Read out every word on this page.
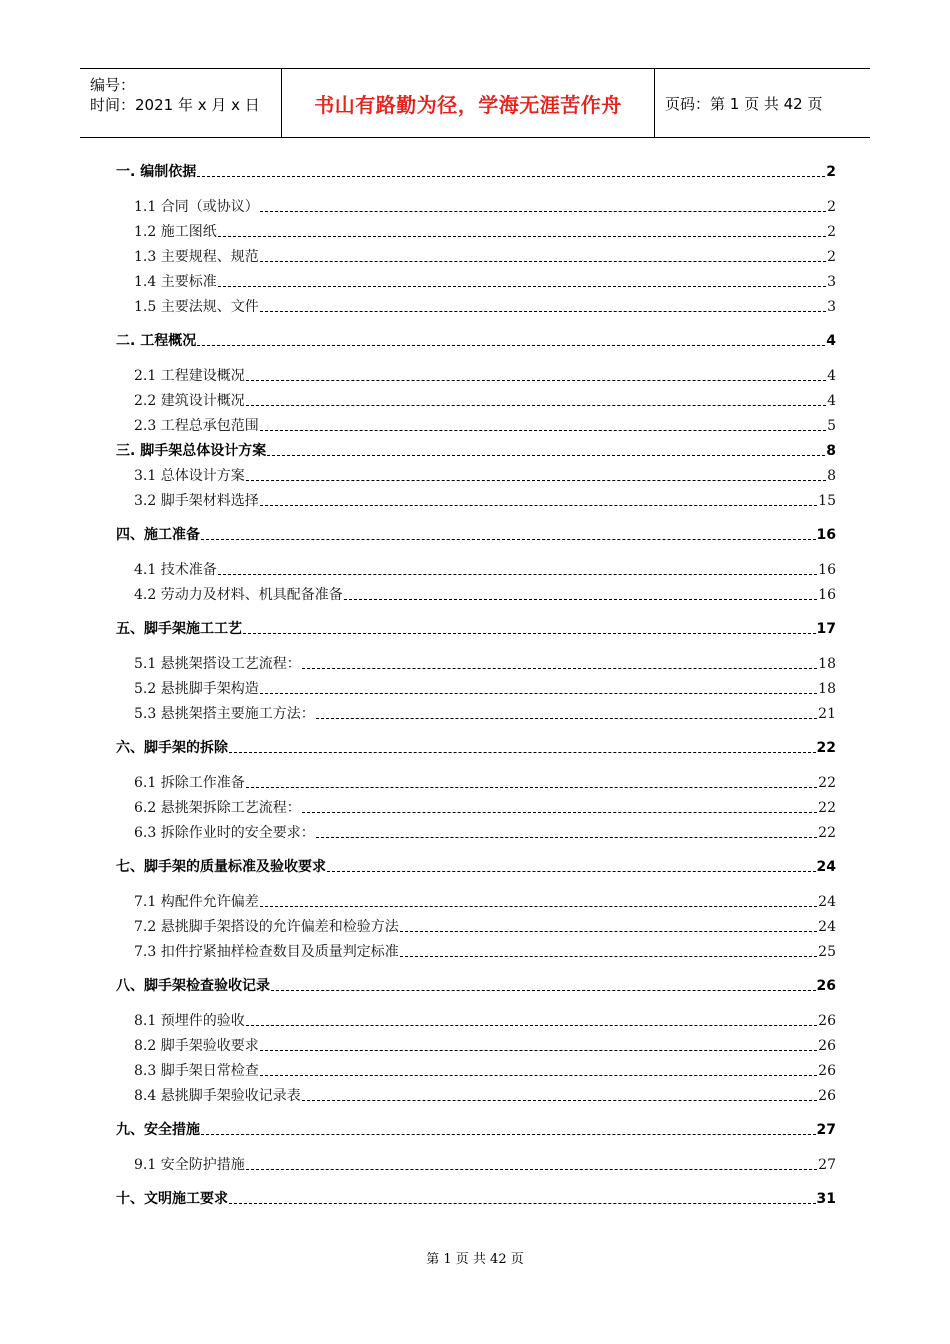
编号：
时间：2021 年 x 月 x 日	书山有路勤为径，学海无涯苦作舟	页码：第 1 页 共 42 页
一. 编制依据	2
1.1 合同（或协议）	2
1.2 施工图纸	2
1.3 主要规程、规范	2
1.4 主要标准	3
1.5 主要法规、文件	3
二. 工程概况	4
2.1 工程建设概况	4
2.2 建筑设计概况	4
2.3 工程总承包范围	5
三. 脚手架总体设计方案	8
3.1 总体设计方案	8
3.2 脚手架材料选择	15
四、施工准备	16
4.1 技术准备	16
4.2 劳动力及材料、机具配备准备	16
五、脚手架施工工艺	17
5.1 悬挑架搭设工艺流程：	18
5.2 悬挑脚手架构造	18
5.3 悬挑架搭主要施工方法：	21
六、脚手架的拆除	22
6.1 拆除工作准备	22
6.2 悬挑架拆除工艺流程：	22
6.3 拆除作业时的安全要求：	22
七、脚手架的质量标准及验收要求	24
7.1 构配件允许偏差	24
7.2 悬挑脚手架搭设的允许偏差和检验方法	24
7.3 扣件拧紧抽样检查数目及质量判定标准	25
八、脚手架检查验收记录	26
8.1 预埋件的验收	26
8.2 脚手架验收要求	26
8.3 脚手架日常检查	26
8.4 悬挑脚手架验收记录表	26
九、安全措施	27
9.1 安全防护措施	27
十、文明施工要求	31
第 1 页 共 42 页
